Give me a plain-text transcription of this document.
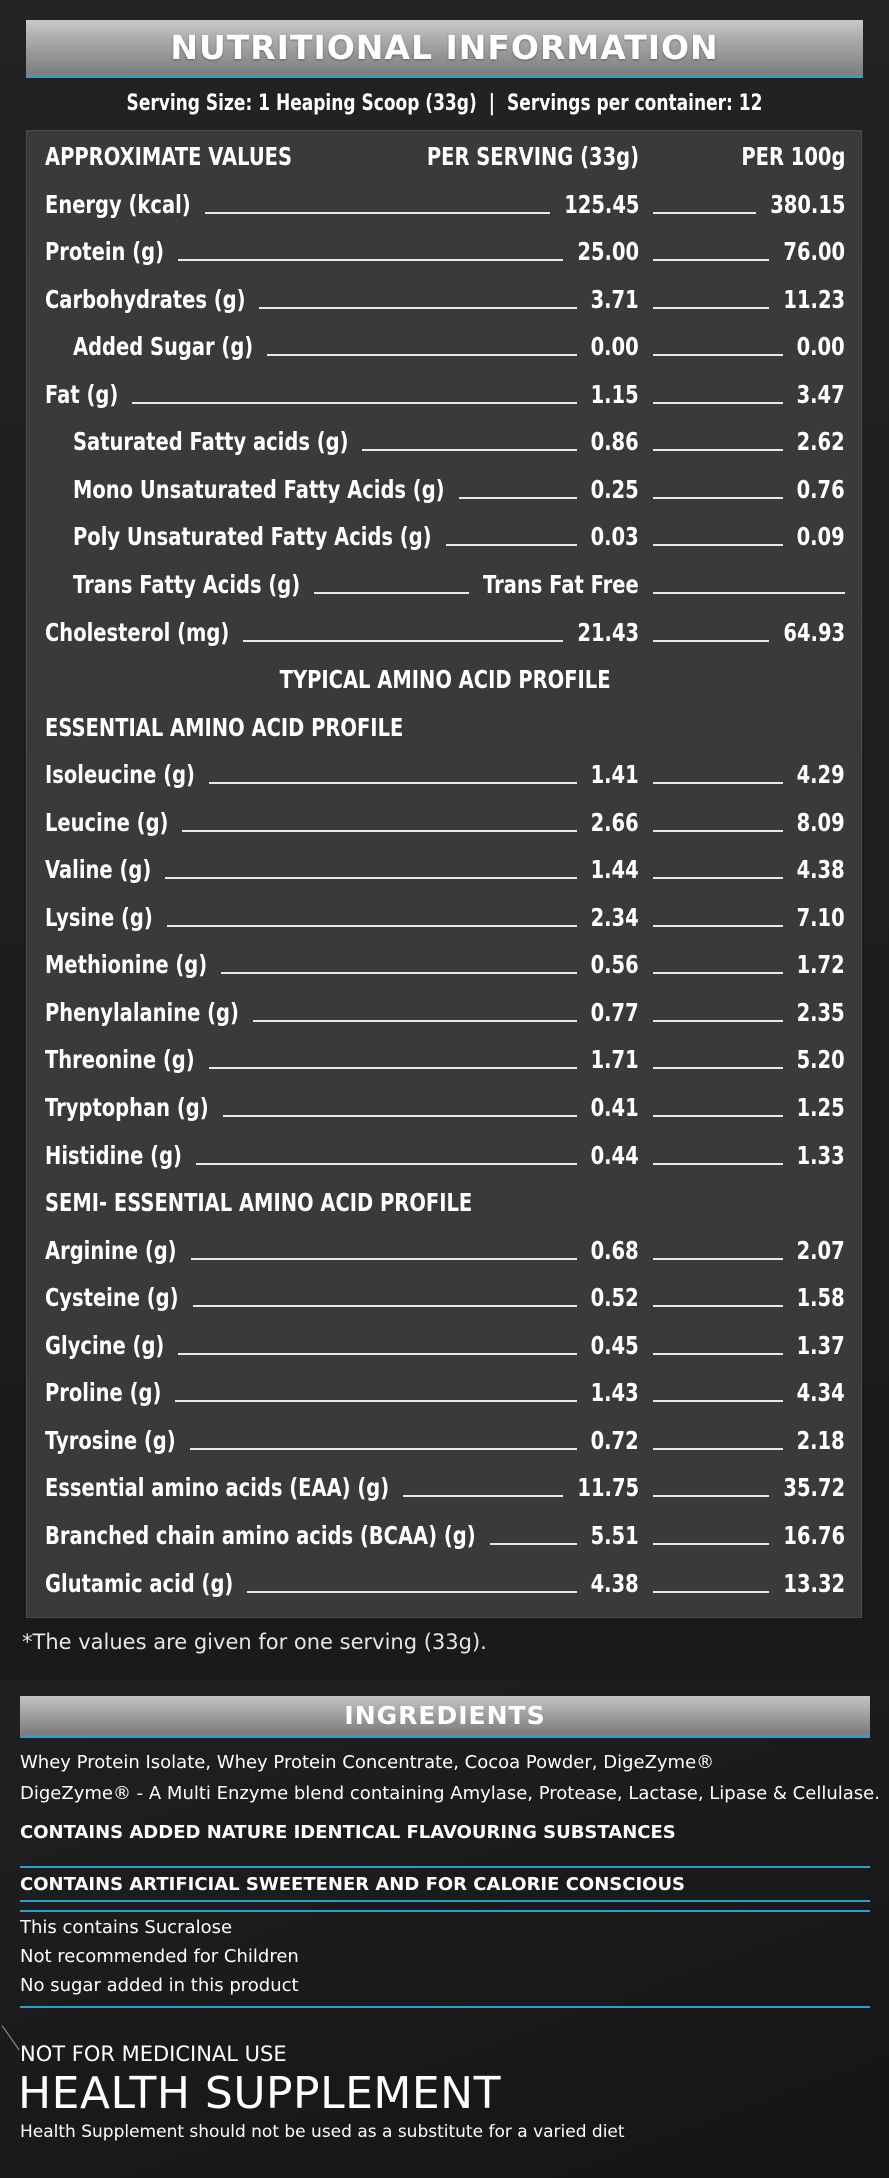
NUTRITIONAL INFORMATION
Serving Size: 1 Heaping Scoop (33g) | Servings per container: 12
APPROXIMATE VALUES	PER SERVING (33g)	PER 100g
Energy (kcal)	125.45	380.15
Protein (g)	25.00	76.00
Carbohydrates (g)	3.71	11.23
Added Sugar (g)	0.00	0.00
Fat (g)	1.15	3.47
Saturated Fatty acids (g)	0.86	2.62
Mono Unsaturated Fatty Acids (g)	0.25	0.76
Poly Unsaturated Fatty Acids (g)	0.03	0.09
Trans Fatty Acids (g)	Trans Fat Free
Cholesterol (mg)	21.43	64.93
TYPICAL AMINO ACID PROFILE
ESSENTIAL AMINO ACID PROFILE
Isoleucine (g)	1.41	4.29
Leucine (g)	2.66	8.09
Valine (g)	1.44	4.38
Lysine (g)	2.34	7.10
Methionine (g)	0.56	1.72
Phenylalanine (g)	0.77	2.35
Threonine (g)	1.71	5.20
Tryptophan (g)	0.41	1.25
Histidine (g)	0.44	1.33
SEMI- ESSENTIAL AMINO ACID PROFILE
Arginine (g)	0.68	2.07
Cysteine (g)	0.52	1.58
Glycine (g)	0.45	1.37
Proline (g)	1.43	4.34
Tyrosine (g)	0.72	2.18
Essential amino acids (EAA) (g)	11.75	35.72
Branched chain amino acids (BCAA) (g)	5.51	16.76
Glutamic acid (g)	4.38	13.32
*The values are given for one serving (33g).
INGREDIENTS
Whey Protein Isolate, Whey Protein Concentrate, Cocoa Powder, DigeZyme®
DigeZyme® - A Multi Enzyme blend containing Amylase, Protease, Lactase, Lipase & Cellulase.
CONTAINS ADDED NATURE IDENTICAL FLAVOURING SUBSTANCES
CONTAINS ARTIFICIAL SWEETENER AND FOR CALORIE CONSCIOUS
This contains Sucralose
Not recommended for Children
No sugar added in this product
NOT FOR MEDICINAL USE
HEALTH SUPPLEMENT
Health Supplement should not be used as a substitute for a varied diet
